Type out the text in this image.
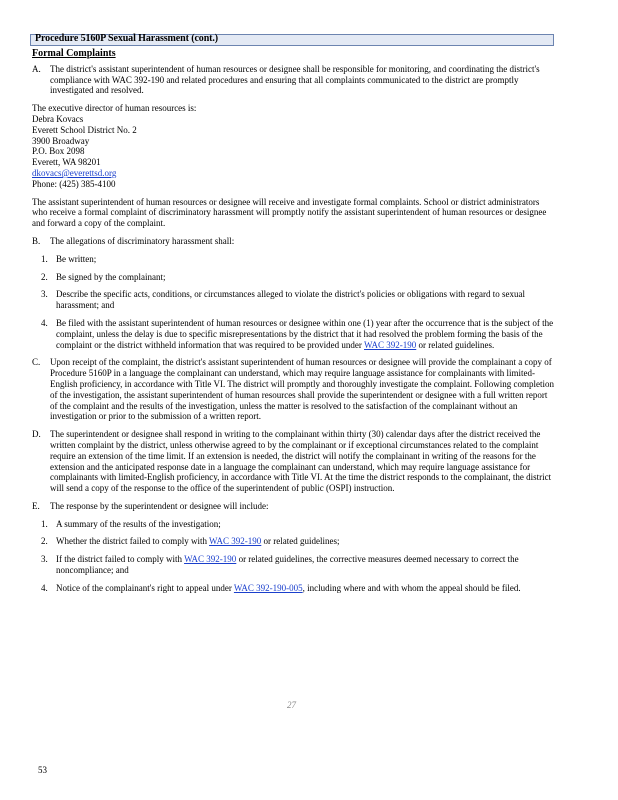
Procedure 5160P Sexual Harassment (cont.)
Formal Complaints
A. The district's assistant superintendent of human resources or designee shall be responsible for monitoring, and coordinating the district's compliance with WAC 392-190 and related procedures and ensuring that all complaints communicated to the district are promptly investigated and resolved.
The executive director of human resources is:
Debra Kovacs
Everett School District No. 2
3900 Broadway
P.O. Box 2098
Everett, WA 98201
dkovacs@everettsd.org
Phone: (425) 385-4100
The assistant superintendent of human resources or designee will receive and investigate formal complaints. School or district administrators who receive a formal complaint of discriminatory harassment will promptly notify the assistant superintendent of human resources or designee and forward a copy of the complaint.
B. The allegations of discriminatory harassment shall:
1. Be written;
2. Be signed by the complainant;
3. Describe the specific acts, conditions, or circumstances alleged to violate the district's policies or obligations with regard to sexual harassment; and
4. Be filed with the assistant superintendent of human resources or designee within one (1) year after the occurrence that is the subject of the complaint, unless the delay is due to specific misrepresentations by the district that it had resolved the problem forming the basis of the complaint or the district withheld information that was required to be provided under WAC 392-190 or related guidelines.
C. Upon receipt of the complaint, the district's assistant superintendent of human resources or designee will provide the complainant a copy of Procedure 5160P in a language the complainant can understand, which may require language assistance for complainants with limited-English proficiency, in accordance with Title VI. The district will promptly and thoroughly investigate the complaint. Following completion of the investigation, the assistant superintendent of human resources shall provide the superintendent or designee with a full written report of the complaint and the results of the investigation, unless the matter is resolved to the satisfaction of the complainant without an investigation or prior to the submission of a written report.
D. The superintendent or designee shall respond in writing to the complainant within thirty (30) calendar days after the district received the written complaint by the district, unless otherwise agreed to by the complainant or if exceptional circumstances related to the complaint require an extension of the time limit. If an extension is needed, the district will notify the complainant in writing of the reasons for the extension and the anticipated response date in a language the complainant can understand, which may require language assistance for complainants with limited-English proficiency, in accordance with Title VI. At the time the district responds to the complainant, the district will send a copy of the response to the office of the superintendent of public (OSPI) instruction.
E. The response by the superintendent or designee will include:
1. A summary of the results of the investigation;
2. Whether the district failed to comply with WAC 392-190 or related guidelines;
3. If the district failed to comply with WAC 392-190 or related guidelines, the corrective measures deemed necessary to correct the noncompliance; and
4. Notice of the complainant's right to appeal under WAC 392-190-005, including where and with whom the appeal should be filed.
27
53
